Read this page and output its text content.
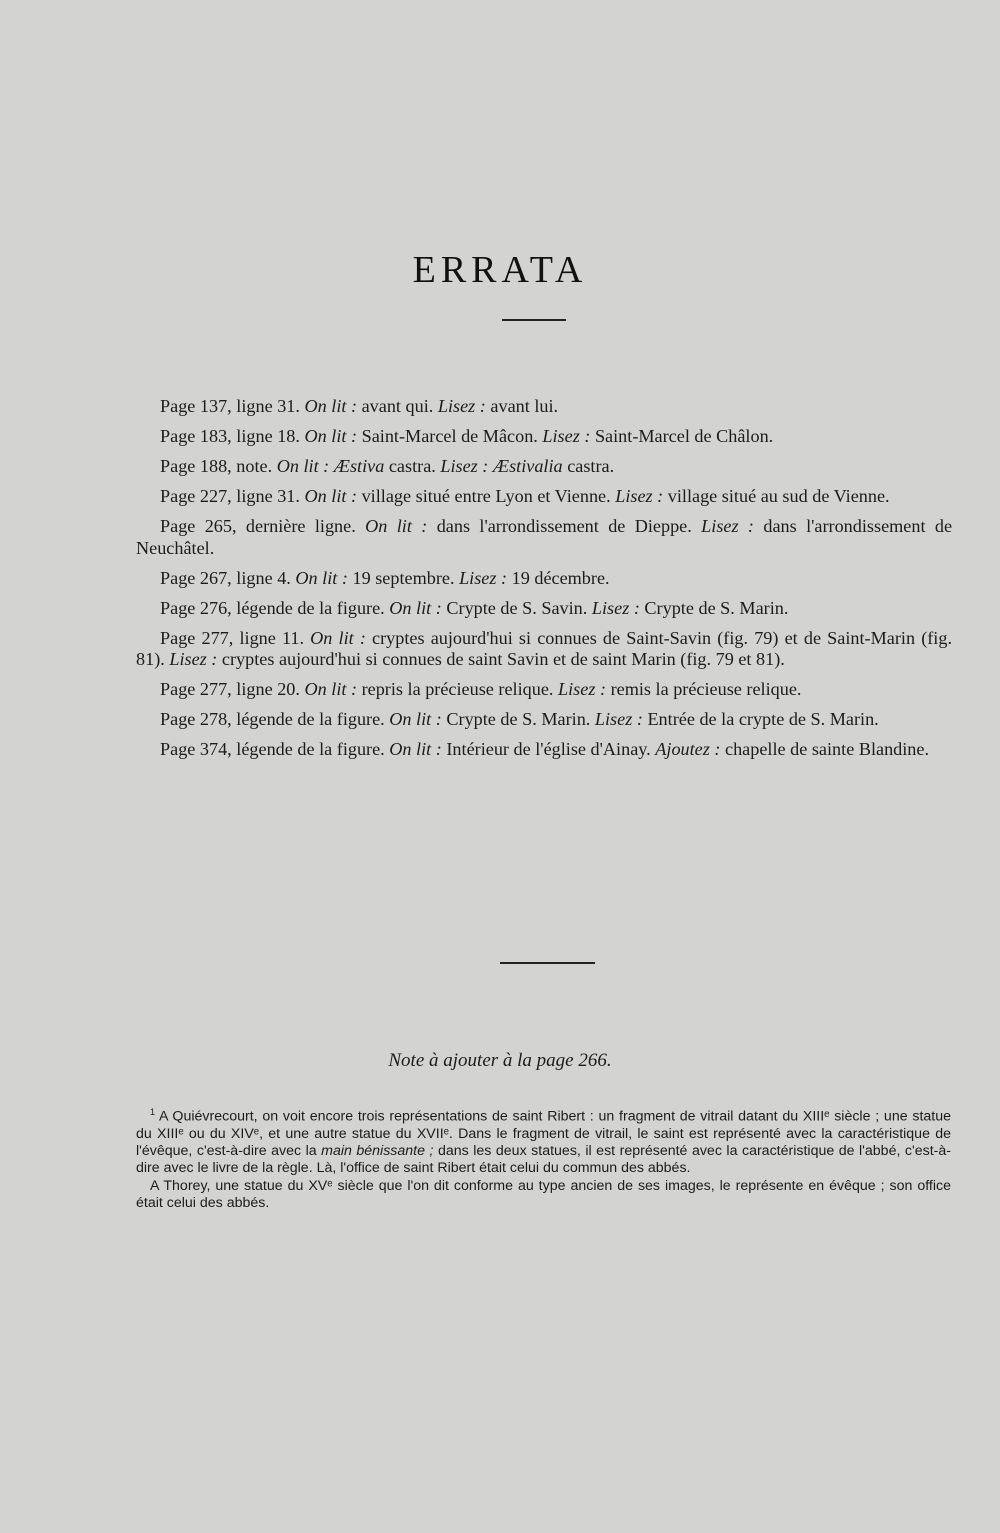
ERRATA

Page 137, ligne 31. On lit : avant qui. Lisez : avant lui.

Page 183, ligne 18. On lit : Saint-Marcel de Mâcon. Lisez : Saint-Marcel de Châlon.

Page 188, note. On lit : Æstiva castra. Lisez : Æstivalia castra.

Page 227, ligne 31. On lit : village situé entre Lyon et Vienne. Lisez : village situé au sud de Vienne.

Page 265, dernière ligne. On lit : dans l'arrondissement de Dieppe. Lisez : dans l'arrondissement de Neuchâtel.

Page 267, ligne 4. On lit : 19 septembre. Lisez : 19 décembre.

Page 276, légende de la figure. On lit : Crypte de S. Savin. Lisez : Crypte de S. Marin.

Page 277, ligne 11. On lit : cryptes aujourd'hui si connues de Saint-Savin (fig. 79) et de Saint-Marin (fig. 81). Lisez : cryptes aujourd'hui si connues de saint Savin et de saint Marin (fig. 79 et 81).

Page 277, ligne 20. On lit : repris la précieuse relique. Lisez : remis la précieuse relique.

Page 278, légende de la figure. On lit : Crypte de S. Marin. Lisez : Entrée de la crypte de S. Marin.

Page 374, légende de la figure. On lit : Intérieur de l'église d'Ainay. Ajoutez : chapelle de sainte Blandine.

Note à ajouter à la page 266.

$^1$ A Quiévrecourt, on voit encore trois représentations de saint Ribert : un fragment de vitrail datant du XIIIᵉ siècle ; une statue du XIIIᵉ ou du XIVᵉ, et une autre statue du XVIIᵉ. Dans le fragment de vitrail, le saint est représenté avec la caractéristique de l'évêque, c'est-à-dire avec la main bénissante ; dans les deux statues, il est représenté avec la caractéristique de l'abbé, c'est-à-dire avec le livre de la règle. Là, l'office de saint Ribert était celui du commun des abbés.

A Thorey, une statue du XVᵉ siècle que l'on dit conforme au type ancien de ses images, le représente en évêque ; son office était celui des abbés.
